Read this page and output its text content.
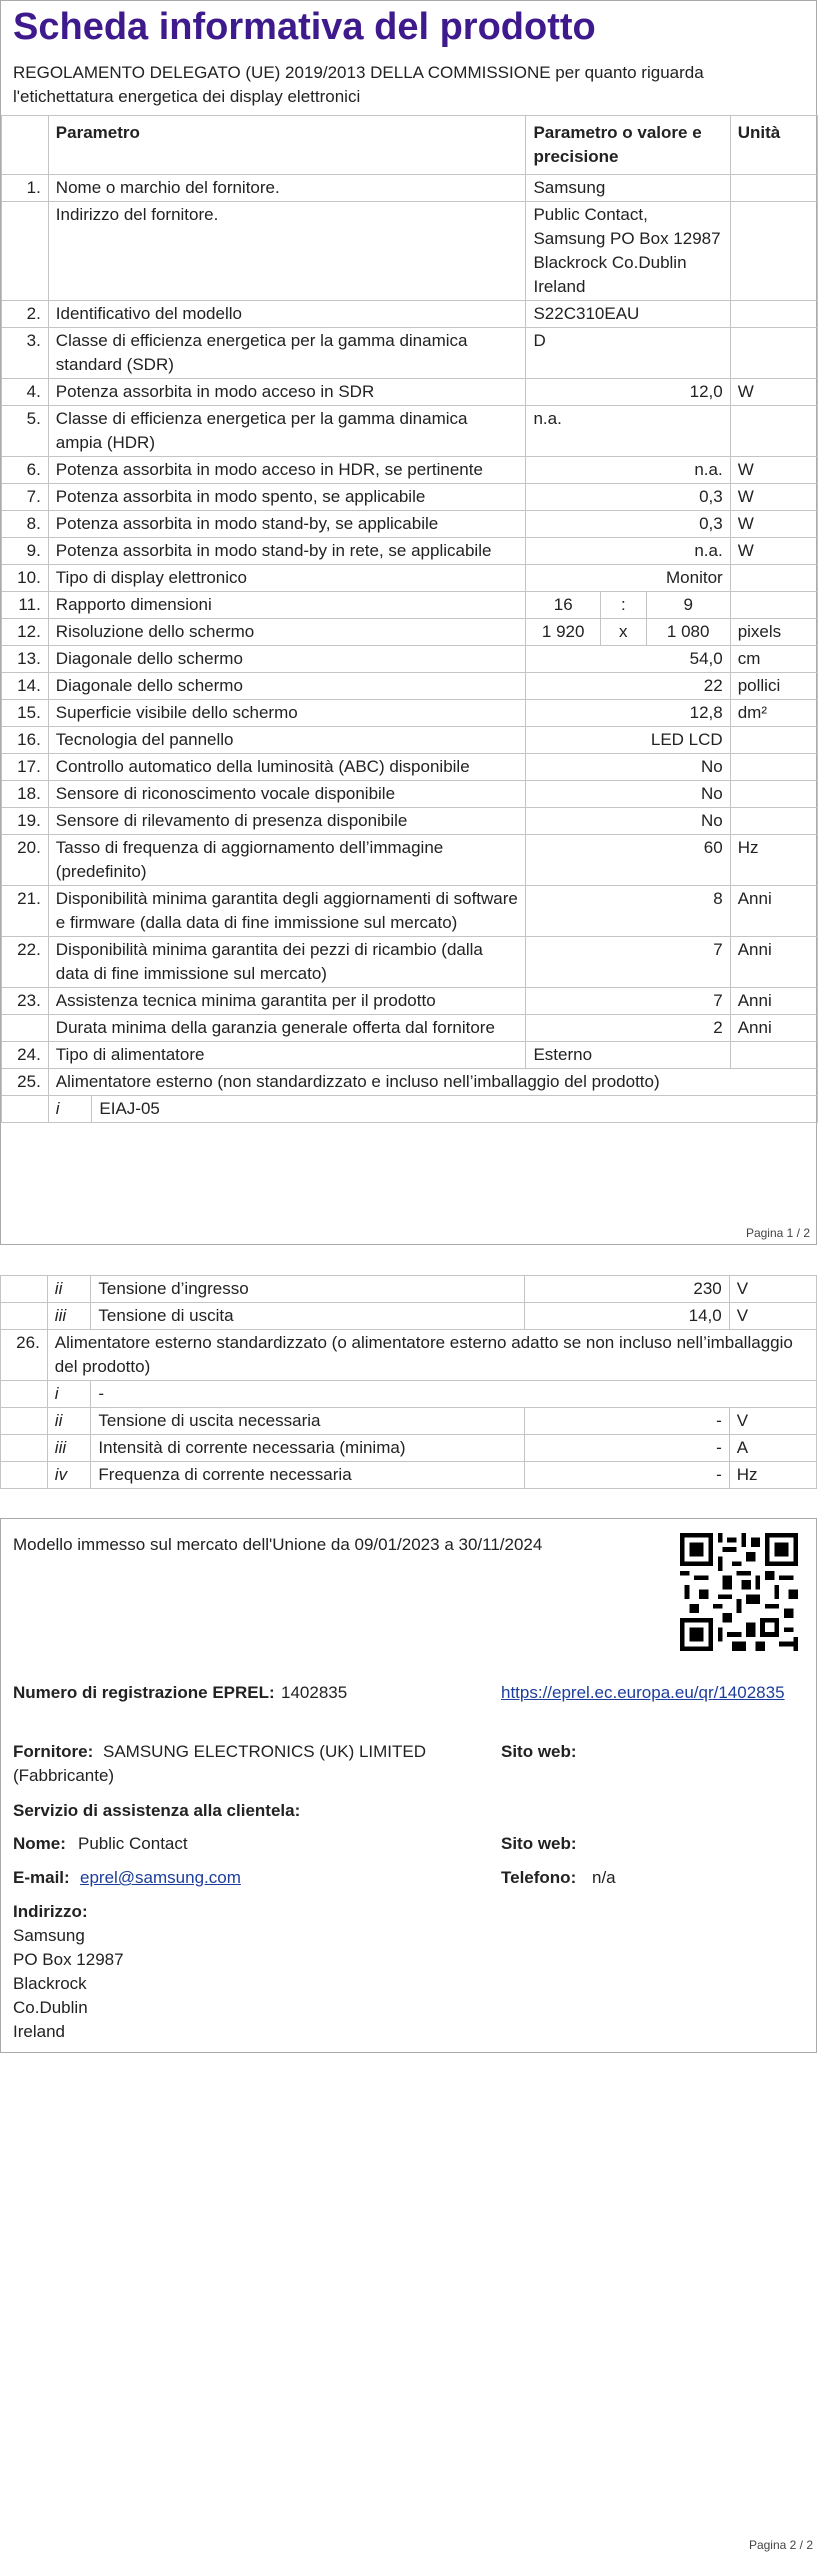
Scheda informativa del prodotto
REGOLAMENTO DELEGATO (UE) 2019/2013 DELLA COMMISSIONE per quanto riguarda l'etichettatura energetica dei display elettronici
	Parametro		Parametro o valore e precisione			Unità
1.	Nome o marchio del fornitore.		Samsung			
	Indirizzo del fornitore.		Public Contact, Samsung PO Box 12987 Blackrock Co.Dublin Ireland			
2.	Identificativo del modello		S22C310EAU			
3.	Classe di efficienza energetica per la gamma dinamica standard (SDR)		D			
4.	Potenza assorbita in modo acceso in SDR		12,0			W
5.	Classe di efficienza energetica per la gamma dinamica ampia (HDR)		n.a.			
6.	Potenza assorbita in modo acceso in HDR, se pertinente		n.a.			W
7.	Potenza assorbita in modo spento, se applicabile		0,3			W
8.	Potenza assorbita in modo stand-by, se applicabile		0,3			W
9.	Potenza assorbita in modo stand-by in rete, se applicabile		n.a.			W
10.	Tipo di display elettronico		Monitor			
11.	Rapporto dimensioni		16	:	9	
12.	Risoluzione dello schermo		1 920	x	1 080	pixels
13.	Diagonale dello schermo		54,0			cm
14.	Diagonale dello schermo		22			pollici
15.	Superficie visibile dello schermo		12,8			dm²
16.	Tecnologia del pannello		LED LCD			
17.	Controllo automatico della luminosità (ABC) disponibile		No			
18.	Sensore di riconoscimento vocale disponibile		No			
19.	Sensore di rilevamento di presenza disponibile		No			
20.	Tasso di frequenza di aggiornamento dell’immagine (predefinito)		60			Hz
21.	Disponibilità minima garantita degli aggiornamenti di software e firmware (dalla data di fine immissione sul mercato)		8			Anni
22.	Disponibilità minima garantita dei pezzi di ricambio (dalla data di fine immissione sul mercato)		7			Anni
23.	Assistenza tecnica minima garantita per il prodotto		7			Anni
	Durata minima della garanzia generale offerta dal fornitore		2			Anni
24.	Tipo di alimentatore		Esterno			
25.	Alimentatore esterno (non standardizzato e incluso nell’imballaggio del prodotto)					
	i	EIAJ-05				
Pagina 1 / 2
	ii	Tensione d’ingresso	230	V
	iii	Tensione di uscita	14,0	V
26.	Alimentatore esterno standardizzato (o alimentatore esterno adatto se non incluso nell’imballaggio del prodotto)			
	i	-		
	ii	Tensione di uscita necessaria	-	V
	iii	Intensità di corrente necessaria (minima)	-	A
	iv	Frequenza di corrente necessaria	-	Hz
Modello immesso sul mercato dell'Unione da 09/01/2023 a 30/11/2024
Numero di registrazione EPREL: 1402835	https://eprel.ec.europa.eu/qr/1402835
Fornitore: SAMSUNG ELECTRONICS (UK) LIMITED (Fabbricante)
Sito web:
Servizio di assistenza alla clientela:
Nome: Public Contact	Sito web:
E-mail: eprel@samsung.com	Telefono: n/a
Indirizzo:
Samsung
PO Box 12987
Blackrock
Co.Dublin
Ireland
Pagina 2 / 2
